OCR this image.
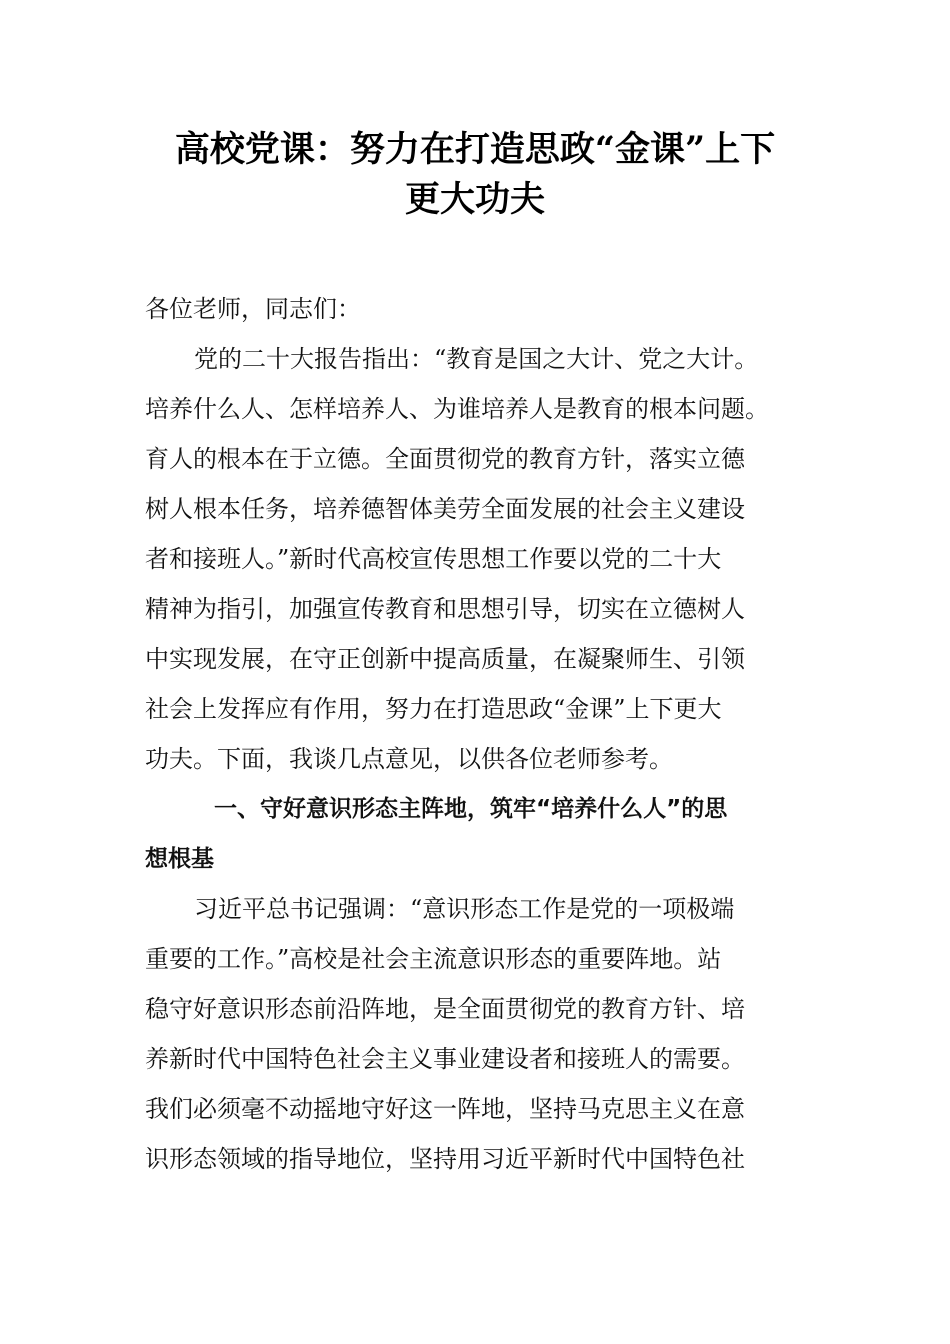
高校党课：努力在打造思政“金课”上下
更大功夫
各位老师，同志们：
党的二十大报告指出：“教育是国之大计、党之大计。
培养什么人、怎样培养人、为谁培养人是教育的根本问题。
育人的根本在于立德。全面贯彻党的教育方针，落实立德
树人根本任务，培养德智体美劳全面发展的社会主义建设
者和接班人。”新时代高校宣传思想工作要以党的二十大
精神为指引，加强宣传教育和思想引导，切实在立德树人
中实现发展，在守正创新中提高质量，在凝聚师生、引领
社会上发挥应有作用，努力在打造思政“金课”上下更大
功夫。下面，我谈几点意见，以供各位老师参考。
一、守好意识形态主阵地，筑牢“培养什么人”的思
想根基
习近平总书记强调：“意识形态工作是党的一项极端
重要的工作。”高校是社会主流意识形态的重要阵地。站
稳守好意识形态前沿阵地，是全面贯彻党的教育方针、培
养新时代中国特色社会主义事业建设者和接班人的需要。
我们必须毫不动摇地守好这一阵地，坚持马克思主义在意
识形态领域的指导地位，坚持用习近平新时代中国特色社
